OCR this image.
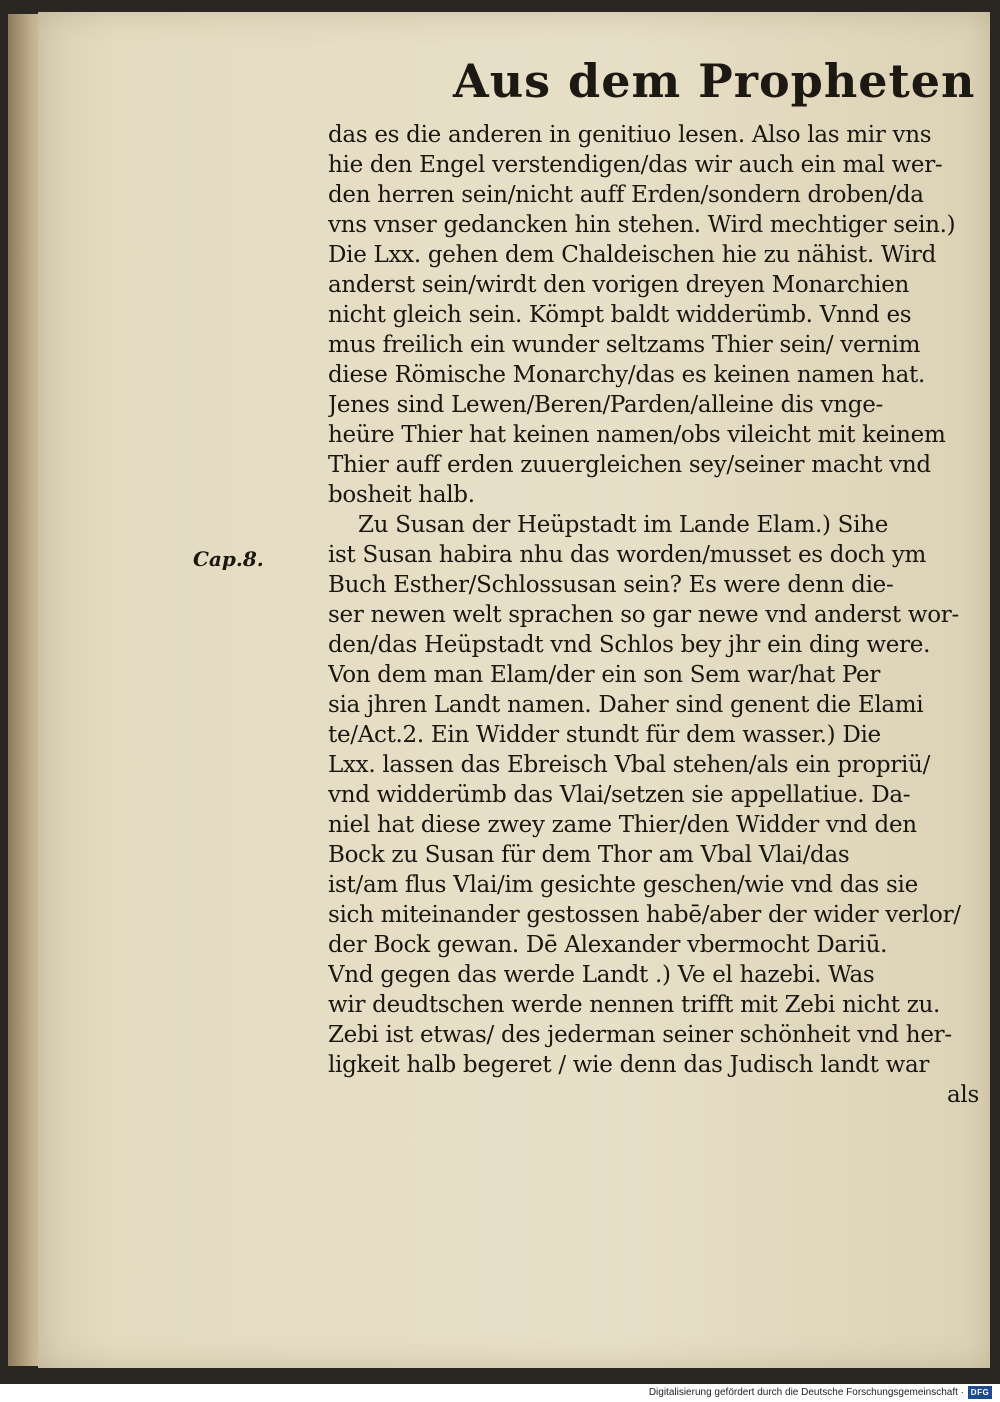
Aus dem Propheten
Cap.8.
das es die anderen in genitiuo lesen. Also las mir vns
hie den Engel verstendigen/das wir auch ein mal wer-
den herren sein/nicht auff Erden/sondern droben/da
vns vnser gedancken hin stehen. Wird mechtiger sein.)
Die Lxx. gehen dem Chaldeischen hie zu nähist. Wird
anderst sein/wirdt den vorigen dreyen Monarchien
nicht gleich sein. Kömpt baldt widderümb. Vnnd es
mus freilich ein wunder seltzams Thier sein/ vernim
diese Römische Monarchy/das es keinen namen hat.
Jenes sind Lewen/Beren/Parden/alleine dis vnge-
heüre Thier hat keinen namen/obs vileicht mit keinem
Thier auff erden zuuergleichen sey/seiner macht vnd
bosheit halb.
Zu Susan der Heüpstadt im Lande Elam.) Sihe
ist Susan habira nhu das worden/musset es doch ym
Buch Esther/Schlossusan sein? Es were denn die-
ser newen welt sprachen so gar newe vnd anderst wor-
den/das Heüpstadt vnd Schlos bey jhr ein ding were.
Von dem man Elam/der ein son Sem war/hat Per
sia jhren Landt namen. Daher sind genent die Elami
te/Act.2. Ein Widder stundt für dem wasser.) Die
Lxx. lassen das Ebreisch Vbal stehen/als ein propriü/
vnd widderümb das Vlai/setzen sie appellatiue. Da-
niel hat diese zwey zame Thier/den Widder vnd den
Bock zu Susan für dem Thor am Vbal Vlai/das
ist/am flus Vlai/im gesichte geschen/wie vnd das sie
sich miteinander gestossen habē/aber der wider verlor/
der Bock gewan. Dē Alexander vbermocht Dariū.
Vnd gegen das werde Landt .) Ve el hazebi. Was
wir deudtschen werde nennen trifft mit Zebi nicht zu.
Zebi ist etwas/ des jederman seiner schönheit vnd her-
ligkeit halb begeret / wie denn das Judisch landt war
als
Digitalisierung gefördert durch die Deutsche Forschungsgemeinschaft · DFG
